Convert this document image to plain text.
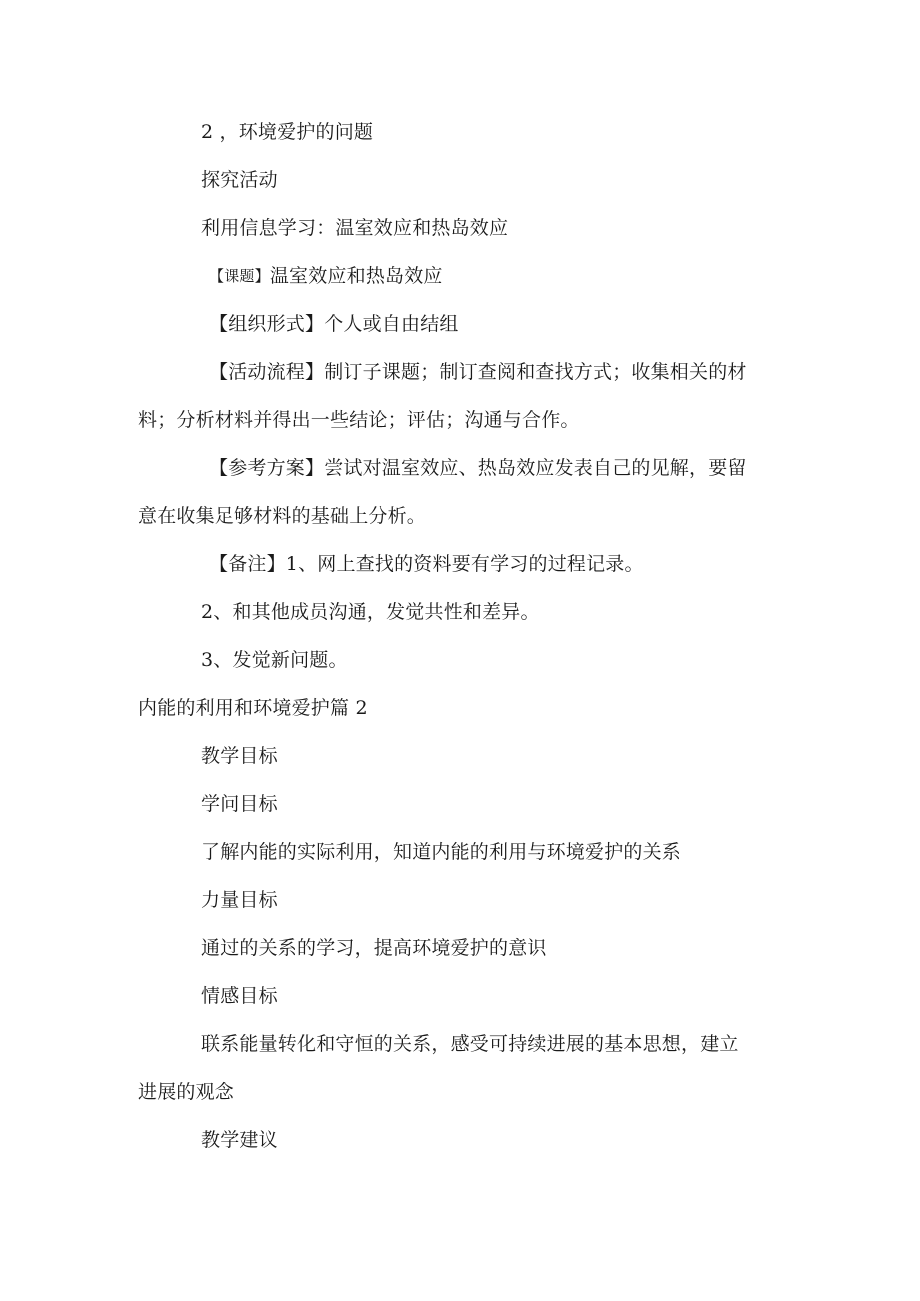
2 ，环境爱护的问题
探究活动
利用信息学习：温室效应和热岛效应
【课题】温室效应和热岛效应
【组织形式】个人或自由结组
【活动流程】制订子课题；制订查阅和查找方式；收集相关的材
料；分析材料并得出一些结论；评估；沟通与合作。
【参考方案】尝试对温室效应、热岛效应发表自己的见解，要留
意在收集足够材料的基础上分析。
【备注】1、网上查找的资料要有学习的过程记录。
2、和其他成员沟通，发觉共性和差异。
3、发觉新问题。
内能的利用和环境爱护篇 2
教学目标
学问目标
了解内能的实际利用，知道内能的利用与环境爱护的关系
力量目标
通过的关系的学习，提高环境爱护的意识
情感目标
联系能量转化和守恒的关系，感受可持续进展的基本思想，建立
进展的观念
教学建议
